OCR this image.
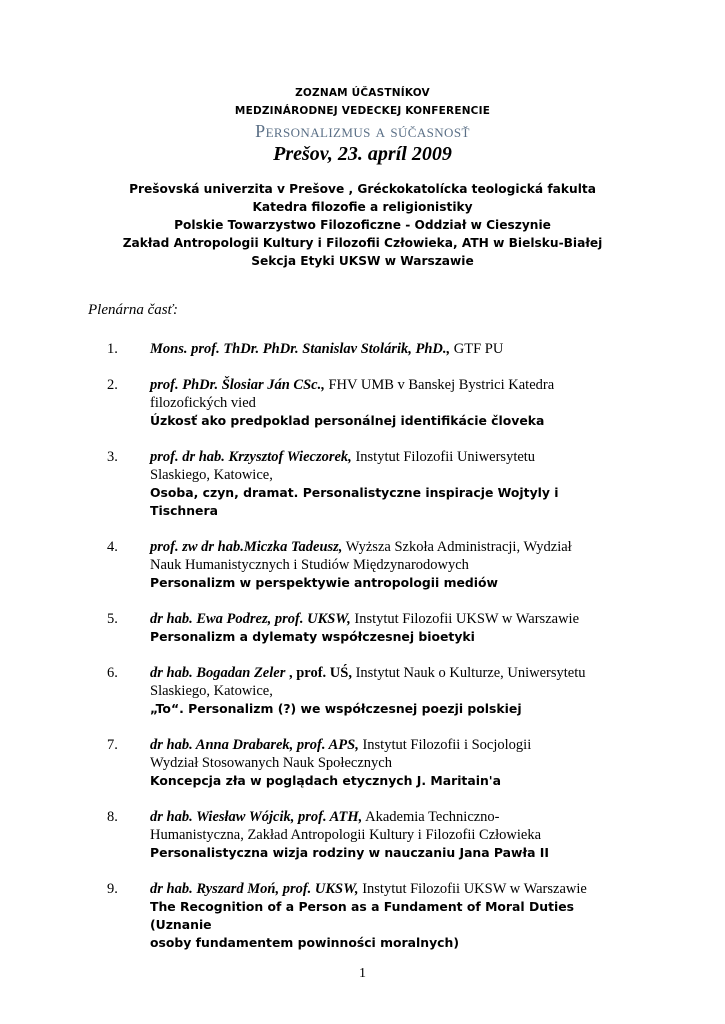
ZOZNAM ÚČASTNÍKOV
MEDZINÁRODNEJ VEDECKEJ KONFERENCIE
Personalizmus a súčasnosť
Prešov, 23. apríl 2009
Prešovská univerzita v Prešove , Gréckokatolícka teologická fakulta
Katedra filozofie a religionistiky
Polskie Towarzystwo Filozoficzne - Oddział w Cieszynie
Zakład Antropologii Kultury i Filozofii Człowieka, ATH w Bielsku-Białej
Sekcja Etyki UKSW w Warszawie
Plenárna časť:
1.	Mons. prof. ThDr. PhDr. Stanislav Stolárik, PhD., GTF PU
2.	prof. PhDr. Šlosiar Ján CSc., FHV UMB v Banskej Bystrici Katedra
filozofických vied
Úzkosť ako predpoklad personálnej identifikácie človeka
3.	prof. dr hab. Krzysztof Wieczorek, Instytut Filozofii Uniwersytetu
Slaskiego, Katowice,
Osoba, czyn, dramat. Personalistyczne inspiracje Wojtyly i Tischnera
4.	prof. zw dr hab.Miczka Tadeusz, Wyższa Szkoła Administracji, Wydział
Nauk Humanistycznych i Studiów Międzynarodowych
Personalizm w perspektywie antropologii mediów
5.	dr hab. Ewa Podrez, prof. UKSW, Instytut Filozofii UKSW w Warszawie
Personalizm a dylematy współczesnej bioetyki
6.	dr hab. Bogadan Zeler , prof. UŚ, Instytut Nauk o Kulturze, Uniwersytetu
Slaskiego, Katowice,
„To“. Personalizm (?) we współczesnej poezji polskiej
7.	dr hab. Anna Drabarek, prof. APS, Instytut Filozofii i Socjologii
Wydział Stosowanych Nauk Społecznych
Koncepcja zła w poglądach etycznych J. Maritain'a
8.	dr hab. Wiesław Wójcik, prof. ATH, Akademia Techniczno-
Humanistyczna, Zakład Antropologii Kultury i Filozofii Człowieka
Personalistyczna wizja rodziny w nauczaniu Jana Pawła II
9.	dr hab. Ryszard Moń, prof. UKSW, Instytut Filozofii UKSW w Warszawie
The Recognition of a Person as a Fundament of Moral Duties (Uznanie
osoby fundamentem powinności moralnych)
1
